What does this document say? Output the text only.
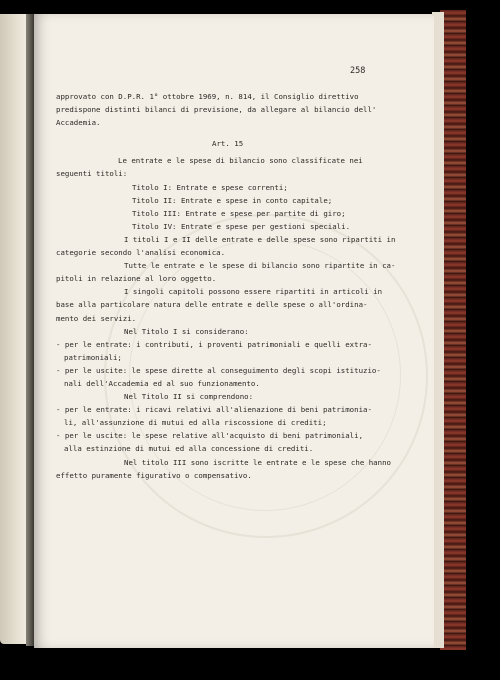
258

approvato con D.P.R. 1° ottobre 1969, n. 814, il Consiglio direttivo

predispone distinti bilanci di previsione, da allegare al bilancio dell'

Accademia.

Art. 15

Le entrate e le spese di bilancio sono classificate nei

seguenti titoli:

Titolo I: Entrate e spese correnti;

Titolo II: Entrate e spese in conto capitale;

Titolo III: Entrate e spese per partite di giro;

Titolo IV: Entrate e spese per gestioni speciali.

I titoli I e II delle entrate e delle spese sono ripartiti in

categorie secondo l'analisi economica.

Tutte le entrate e le spese di bilancio sono ripartite in ca-

pitoli in relazione al loro oggetto.

I singoli capitoli possono essere ripartiti in articoli in

base alla particolare natura delle entrate e delle spese o all'ordina-

mento dei servizi.

Nel Titolo I si considerano:

- per le entrate: i contributi, i proventi patrimoniali e quelli extra-

patrimoniali;

- per le uscite: le spese dirette al conseguimento degli scopi istituzio-

nali dell'Accademia ed al suo funzionamento.

Nel Titolo II si comprendono:

- per le entrate: i ricavi relativi all'alienazione di beni patrimonia-

li, all'assunzione di mutui ed alla riscossione di crediti;

- per le uscite: le spese relative all'acquisto di beni patrimoniali,

alla estinzione di mutui ed alla concessione di crediti.

Nel titolo III sono iscritte le entrate e le spese che hanno

effetto puramente figurativo o compensativo.
